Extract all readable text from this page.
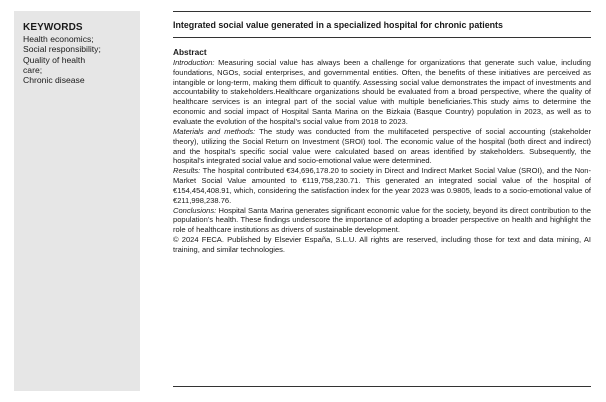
KEYWORDS
Health economics;
Social responsibility;
Quality of health
care;
Chronic disease
Integrated social value generated in a specialized hospital for chronic patients
Abstract
Introduction: Measuring social value has always been a challenge for organizations that generate such value, including foundations, NGOs, social enterprises, and governmental entities. Often, the benefits of these initiatives are perceived as intangible or long-term, making them difficult to quantify. Assessing social value demonstrates the impact of investments and accountability to stakeholders.Healthcare organizations should be evaluated from a broad perspective, where the quality of healthcare services is an integral part of the social value with multiple beneficiaries.This study aims to determine the economic and social impact of Hospital Santa Marina on the Bizkaia (Basque Country) population in 2023, as well as to evaluate the evolution of the hospital’s social value from 2018 to 2023.
Materials and methods: The study was conducted from the multifaceted perspective of social accounting (stakeholder theory), utilizing the Social Return on Investment (SROI) tool. The economic value of the hospital (both direct and indirect) and the hospital’s specific social value were calculated based on areas identified by stakeholders. Subsequently, the hospital’s integrated social value and socio-emotional value were determined.
Results: The hospital contributed €34,696,178.20 to society in Direct and Indirect Market Social Value (SROI), and the Non-Market Social Value amounted to €119,758,230.71. This generated an integrated social value of the hospital of €154,454,408.91, which, considering the satisfaction index for the year 2023 was 0.9805, leads to a socio-emotional value of €211,998,238.76.
Conclusions: Hospital Santa Marina generates significant economic value for the society, beyond its direct contribution to the population’s health. These findings underscore the importance of adopting a broader perspective on health and highlight the role of healthcare institutions as drivers of sustainable development.
© 2024 FECA. Published by Elsevier España, S.L.U. All rights are reserved, including those for text and data mining, AI training, and similar technologies.
